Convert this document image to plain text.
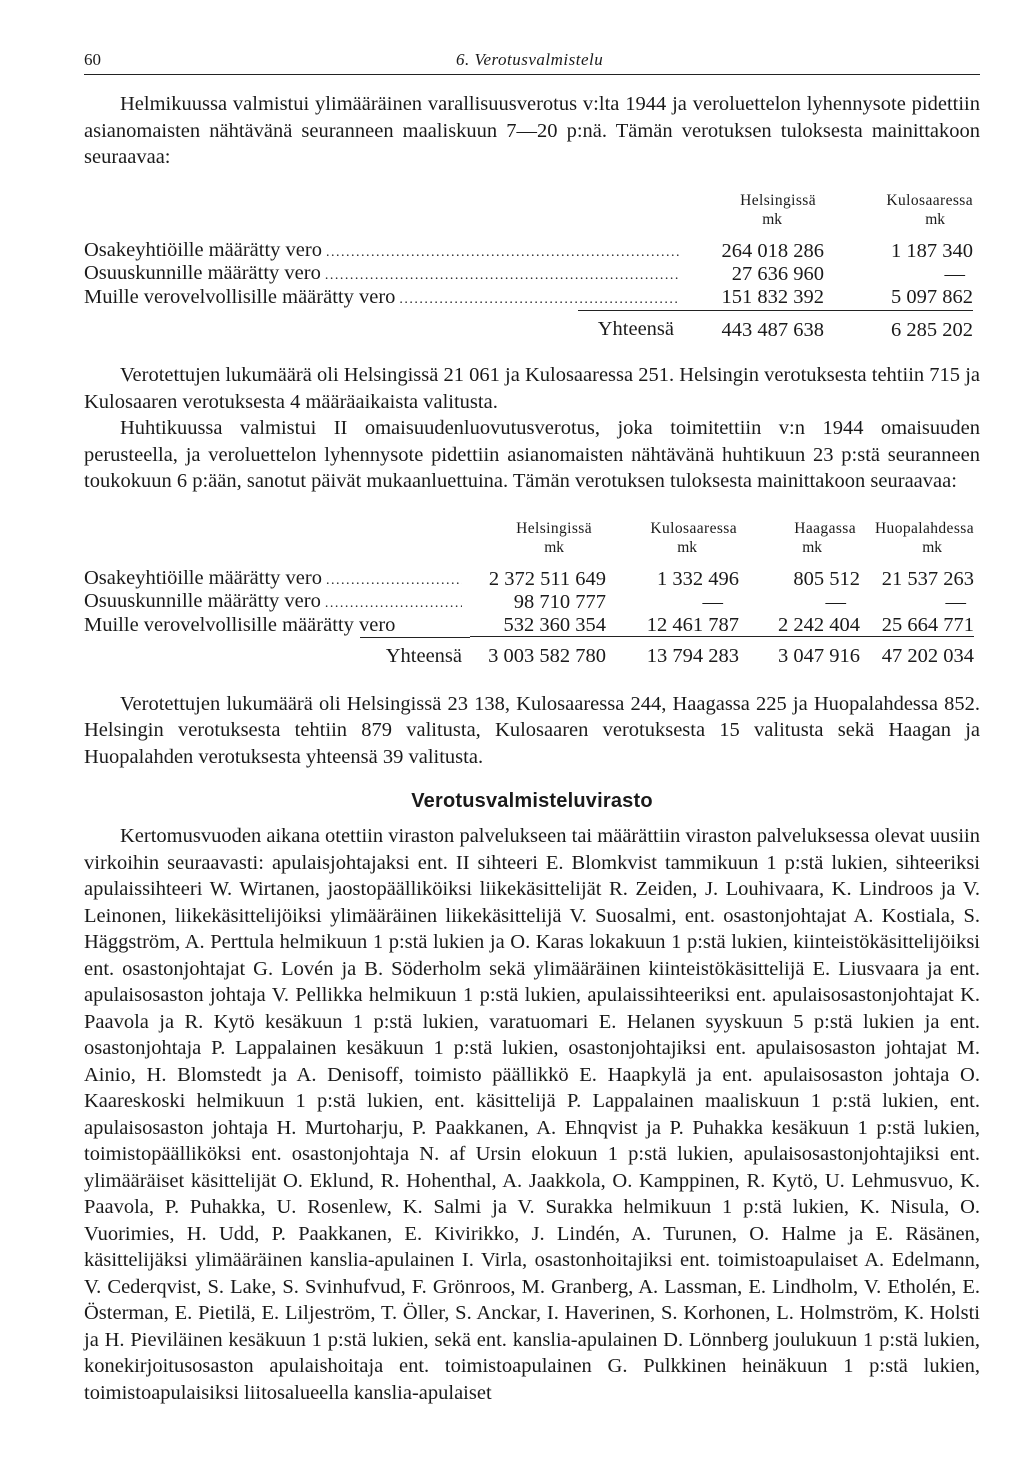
60	6. Verotusvalmistelu

Helmikuussa valmistui ylimääräinen varallisuusverotus v:lta 1944 ja veroluettelon lyhennysote pidettiin asianomaisten nähtävänä seuranneen maaliskuun 7—20 p:nä. Tämän verotuksen tuloksesta mainittakoon seuraavaa:

	Helsingissä	Kulosaaressa
	mk	mk

Osakeyhtiöille määrätty vero
.....	264 018 286	1 187 340

Osuuskunnille määrätty vero
.....	27 636 960	—

Muille verovelvollisille määrätty vero
.....	151 832 392	5 097 862

Yhteensä	443 487 638	6 285 202

Verotettujen lukumäärä oli Helsingissä 21 061 ja Kulosaaressa 251. Helsingin verotuksesta tehtiin 715 ja Kulosaaren verotuksesta 4 määräaikaista valitusta.

Huhtikuussa valmistui II omaisuudenluovutusverotus, joka toimitettiin v:n 1944 omaisuuden perusteella, ja veroluettelon lyhennysote pidettiin asianomaisten nähtävänä huhtikuun 23 p:stä seuranneen toukokuun 6 p:ään, sanotut päivät mukaanluettuina. Tämän verotuksen tuloksesta mainittakoon seuraavaa:

	Helsingissä	Kulosaaressa	Haagassa	Huopalahdessa
	mk	mk	mk	mk

Osakeyhtiöille määrätty vero
.....	2 372 511 649	1 332 496	805 512	21 537 263

Osuuskunnille määrätty vero
.....	98 710 777	—	—	—
Muille verovelvollisille määrätty vero	532 360 354	12 461 787	2 242 404	25 664 771

Yhteensä	3 003 582 780	13 794 283	3 047 916	47 202 034

Verotettujen lukumäärä oli Helsingissä 23 138, Kulosaaressa 244, Haagassa 225 ja Huopalahdessa 852. Helsingin verotuksesta tehtiin 879 valitusta, Kulosaaren verotuksesta 15 valitusta sekä Haagan ja Huopalahden verotuksesta yhteensä 39 valitusta.

Verotusvalmisteluvirasto

Kertomusvuoden aikana otettiin viraston palvelukseen tai määrättiin viraston palveluksessa olevat uusiin virkoihin seuraavasti: apulaisjohtajaksi ent. II sihteeri E. Blomkvist tammikuun 1 p:stä lukien, sihteeriksi apulaissihteeri W. Wirtanen, jaostopäälliköiksi liikekäsittelijät R. Zeiden, J. Louhivaara, K. Lindroos ja V. Leinonen, liikekäsittelijöiksi ylimääräinen liikekäsittelijä V. Suosalmi, ent. osastonjohtajat A. Kostiala, S. Häggström, A. Perttula helmikuun 1 p:stä lukien ja O. Karas lokakuun 1 p:stä lukien, kiinteistökäsittelijöiksi ent. osastonjohtajat G. Lovén ja B. Söderholm sekä ylimääräinen kiinteistökäsittelijä E. Liusvaara ja ent. apulaisosaston johtaja V. Pellikka helmikuun 1 p:stä lukien, apulaissihteeriksi ent. apulaisosastonjohtajat K. Paavola ja R. Kytö kesäkuun 1 p:stä lukien, varatuomari E. Helanen syyskuun 5 p:stä lukien ja ent. osastonjohtaja P. Lappalainen kesäkuun 1 p:stä lukien, osastonjohtajiksi ent. apulaisosaston johtajat M. Ainio, H. Blomstedt ja A. Denisoff, toimisto päällikkö E. Haapkylä ja ent. apulaisosaston johtaja O. Kaareskoski helmikuun 1 p:stä lukien, ent. käsittelijä P. Lappalainen maaliskuun 1 p:stä lukien, ent. apulaisosaston johtaja H. Murtoharju, P. Paakkanen, A. Ehnqvist ja P. Puhakka kesäkuun 1 p:stä lukien, toimistopäälliköksi ent. osastonjohtaja N. af Ursin elokuun 1 p:stä lukien, apulaisosastonjohtajiksi ent. ylimääräiset käsittelijät O. Eklund, R. Hohenthal, A. Jaakkola, O. Kamppinen, R. Kytö, U. Lehmusvuo, K. Paavola, P. Puhakka, U. Rosenlew, K. Salmi ja V. Surakka helmikuun 1 p:stä lukien, K. Nisula, O. Vuorimies, H. Udd, P. Paakkanen, E. Kivirikko, J. Lindén, A. Turunen, O. Halme ja E. Räsänen, käsittelijäksi ylimääräinen kanslia-apulainen I. Virla, osastonhoitajiksi ent. toimistoapulaiset A. Edelmann, V. Cederqvist, S. Lake, S. Svinhufvud, F. Grönroos, M. Granberg, A. Lassman, E. Lindholm, V. Etholén, E. Österman, E. Pietilä, E. Liljeström, T. Öller, S. Anckar, I. Haverinen, S. Korhonen, L. Holmström, K. Holsti ja H. Pieviläinen kesäkuun 1 p:stä lukien, sekä ent. kanslia-apulainen D. Lönnberg joulukuun 1 p:stä lukien, konekirjoitusosaston apulaishoitaja ent. toimistoapulainen G. Pulkkinen heinäkuun 1 p:stä lukien, toimistoapulaisiksi liitosalueella kanslia-apulaiset
